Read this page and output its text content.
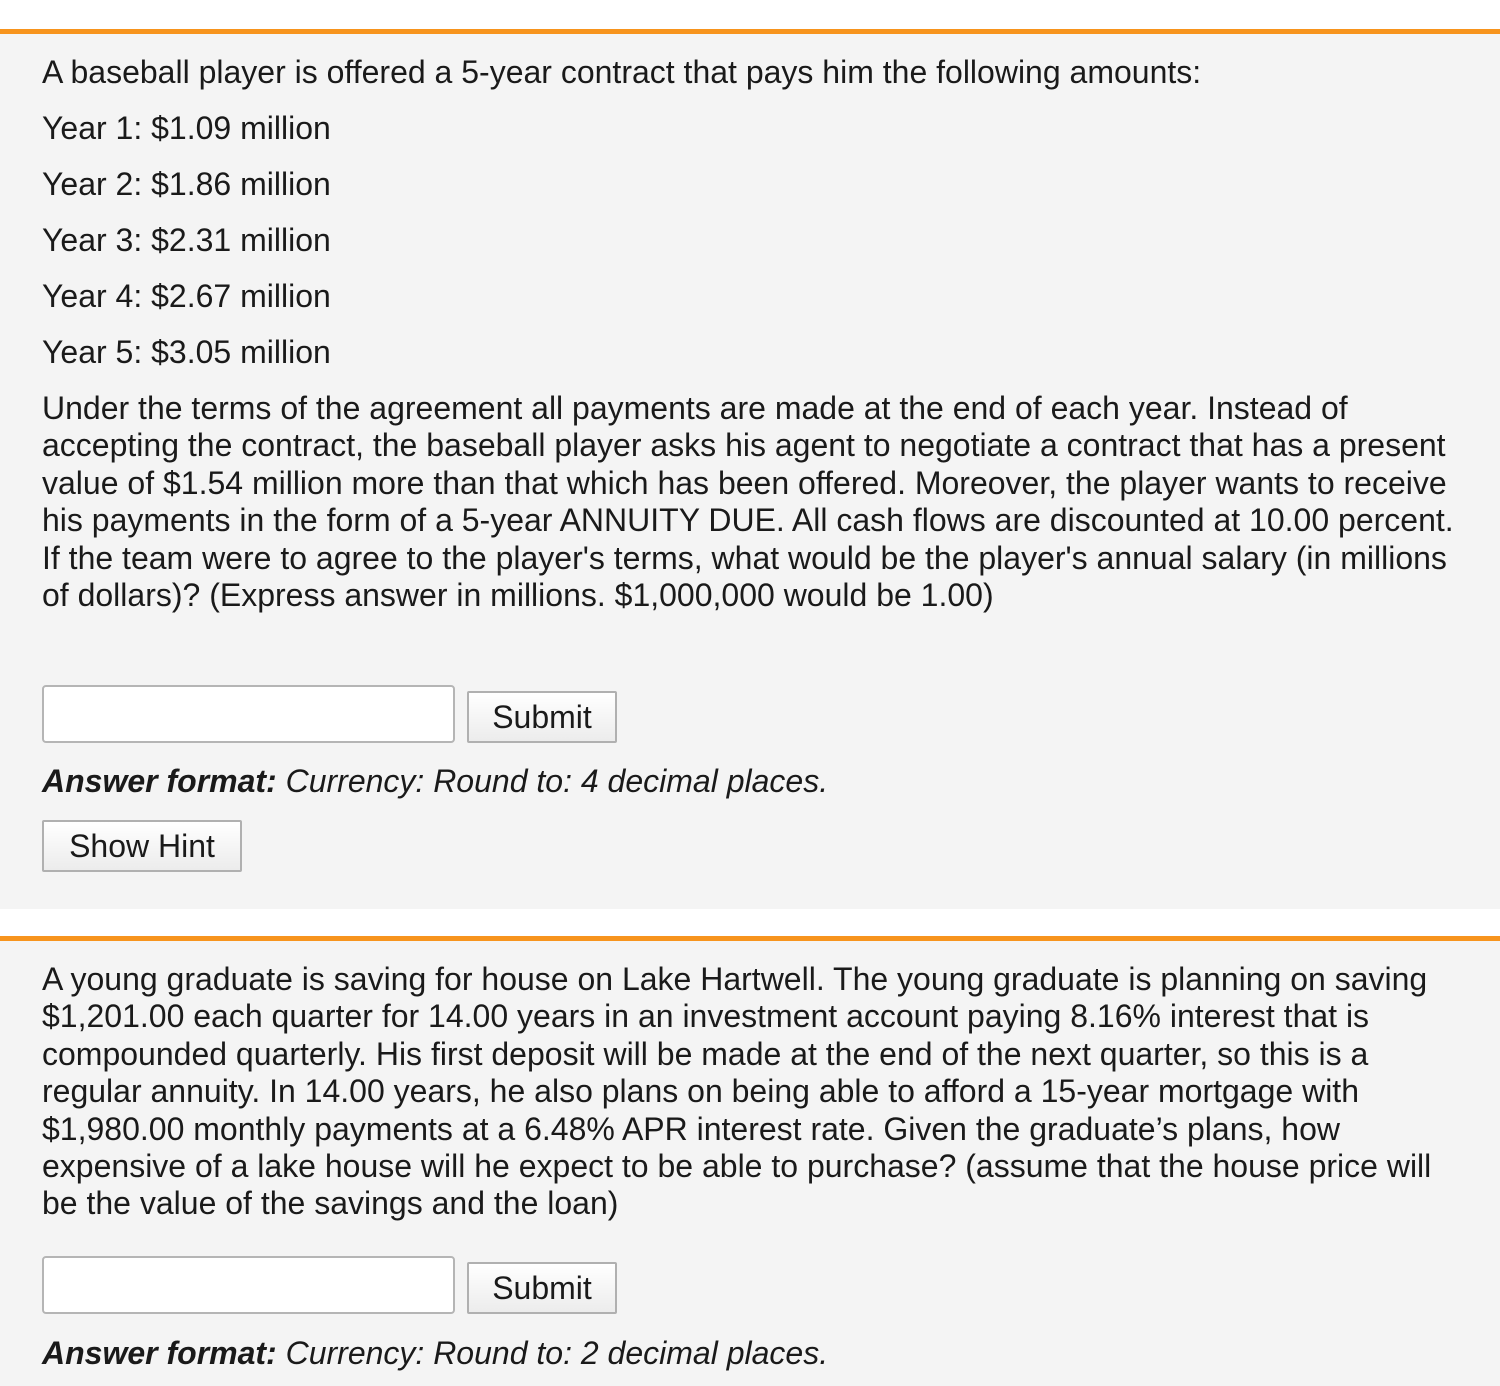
A baseball player is offered a 5-year contract that pays him the following amounts:

Year 1: $1.09 million

Year 2: $1.86 million

Year 3: $2.31 million

Year 4: $2.67 million

Year 5: $3.05 million

Under the terms of the agreement all payments are made at the end of each year. Instead of accepting the contract, the baseball player asks his agent to negotiate a contract that has a present value of $1.54 million more than that which has been offered. Moreover, the player wants to receive his payments in the form of a 5-year ANNUITY DUE. All cash flows are discounted at 10.00 percent. If the team were to agree to the player's terms, what would be the player's annual salary (in millions of dollars)? (Express answer in millions. $1,000,000 would be 1.00)

Submit

Answer format: Currency: Round to: 4 decimal places.

Show Hint

A young graduate is saving for house on Lake Hartwell. The young graduate is planning on saving $1,201.00 each quarter for 14.00 years in an investment account paying 8.16% interest that is compounded quarterly. His first deposit will be made at the end of the next quarter, so this is a regular annuity. In 14.00 years, he also plans on being able to afford a 15-year mortgage with $1,980.00 monthly payments at a 6.48% APR interest rate. Given the graduate’s plans, how expensive of a lake house will he expect to be able to purchase? (assume that the house price will be the value of the savings and the loan)

Submit

Answer format: Currency: Round to: 2 decimal places.
